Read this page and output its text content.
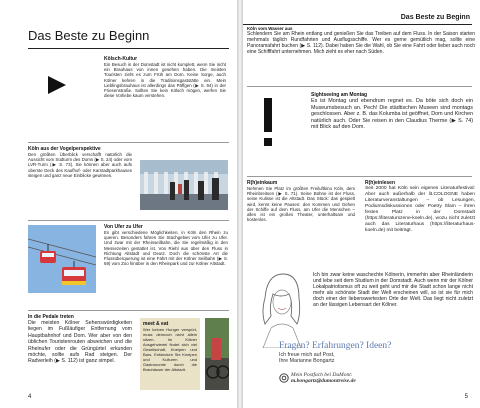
Das Beste zu Beginn
Kölsch-Kultur
Ein Besuch in der Domstadt ist nicht komplett, wenn Sie nicht ein Brauhaus von innen gesehen haben. Die meisten Touristen zieht es zum Früh am Dom. Keine Sorge, auch Kölner kehren in die Traditionsgaststätte ein. Mein Lieblingsbrauhaus ist allerdings das Päffgen (▶ S. 94) in der Friesenstraße. Sollten Sie kein Kölsch mögen, werfen Sie diese Vorliebe kaum verstehen.
Köln aus der Vogelperspektive
Den größten Überblick verschafft natürlich die Aussicht vom Südturm des Doms (▶ S. 24) oder vom LVR-Turm (▶ S. 73). Sie können aber auch aufs oberste Deck des Kaufhof- oder Karstadtparkhauses steigen und ganz neue Einblicke gewinnen.
Von Ufer zu Ufer
Es gibt verschiedene Möglichkeiten, in Köln den Rhein zu queren. Besonders fahren Sie Stachgebiet vom Ufer zu Ufer. Und zwar mit der Rheinseilbahn, die Sie regelmäßig in den Messezeiten gestattet ist. Von Riehl aus über den Fluss in Richtung Altstadt und Deutz. Doch die schönste Art die Flussüberquerung ist eine Fahrt mit der Kölner Seilbahn (▶ S. 69) vom Zoo hinüber in den Rheinpark und zur Kölner Altstadt.
In die Pedale treten
Die meisten Kölner Sehenswürdigkeiten liegen im Fußläufiger Entfernung vom Hauptbahnhof und Dom. Wer aber von den üblichen Touristenrouten abweichen und die Rheinufer oder die Grüngürtel erkunden möchte, sollte aufs Rad steigen. Der Radverleih (▶ S. 112) ist ganz simpel.
meet & eat
Wer keinen Hunger verspürt, muss dennoch nicht allein sitzen. Im Kölner Ausgehviertel findet sich viel Gesellschaft, Kneipen und Bars. Entdecken Sie Kneipen und Kulturen und Gastronomie durch die Brauhäuser der Altstadt.
4
Das Beste zu Beginn
Köln vom Wasser aus
Schlendern Sie am Rhein entlang und genießen Sie das Treiben auf dem Fluss. In der Saison starten mehrmals täglich Rundfahrten und Ausflugsschiffe. Wer es gerne gemütlich mag, sollte eine Panoramafahrt buchen (▶ S. 112). Dabei haben Sie die Wahl, ob Sie eine Fahrt oder lieber auch noch eine Schifffahrt unternehmen. Mich zieht es eher nach Süden.
Sightseeing am Montag
Es ist Montag und ebendrum regnet es. Da böte sich doch ein Museumsbesuch an. Pech! Die städtischen Museen sind montags geschlossen. Aber z. B. das Kolumba ist geöffnet, Dom und Kirchen natürlich auch. Oder Sie reisen in den Claudius Therme (▶ S. 74) mit Blick auf den Dom.
R(h)einkaum
Nehmen Sie Platz im größten Freiluftkino Köln, dem Rheinbreitsen (▶ S. 71). Seine Bühne ist der Fluss, seine Kulisse ist die Altstadt. Das Stück: das gespielt wird, kennt keine Pausen: den Kommen und Gehen der Schiffe auf dem Fluss, am Ufer die Menschen – alles ist ein großes Theater, unterhaltsam und kostenlos.
R(h)einlesen
Seit 2000 hat Köln sein eigenes Literaturfestival: Aber auch außerhalb der lit.COLOGNE haben Literaturveranstaltungen – ob Lesungen, Podiumsdiskussionen oder Poetry Slam – ihren festen Platz in der Domstadt (https://literaturszene-koeln.de), wozu nicht zuletzt auch das Literaturhaus (https://literaturhaus-koeln.de) mit beiträgt.
Ich bin zwar keine waschechte Kölnerin, immerhin aber Rheinländerin und lebe seit dem Studium in der Domstadt. Auch wenn mir der Kölner Lokalpatriotismus oft zu weit geht und mir die Stadt schon lange nicht mehr als schönste Stadt der Welt erscheinen will, so ist sie für mich doch einer der liebenswertesten Orte der Welt. Das liegt nicht zuletzt an der lässigen Lebensart der Kölner.
Fragen? Erfahrungen? Ideen?
Ich freue mich auf Post,
Ihre Marianne Bongartz
Mein Postfach bei DuMont:
m.bongartz@dumontreise.de
5
